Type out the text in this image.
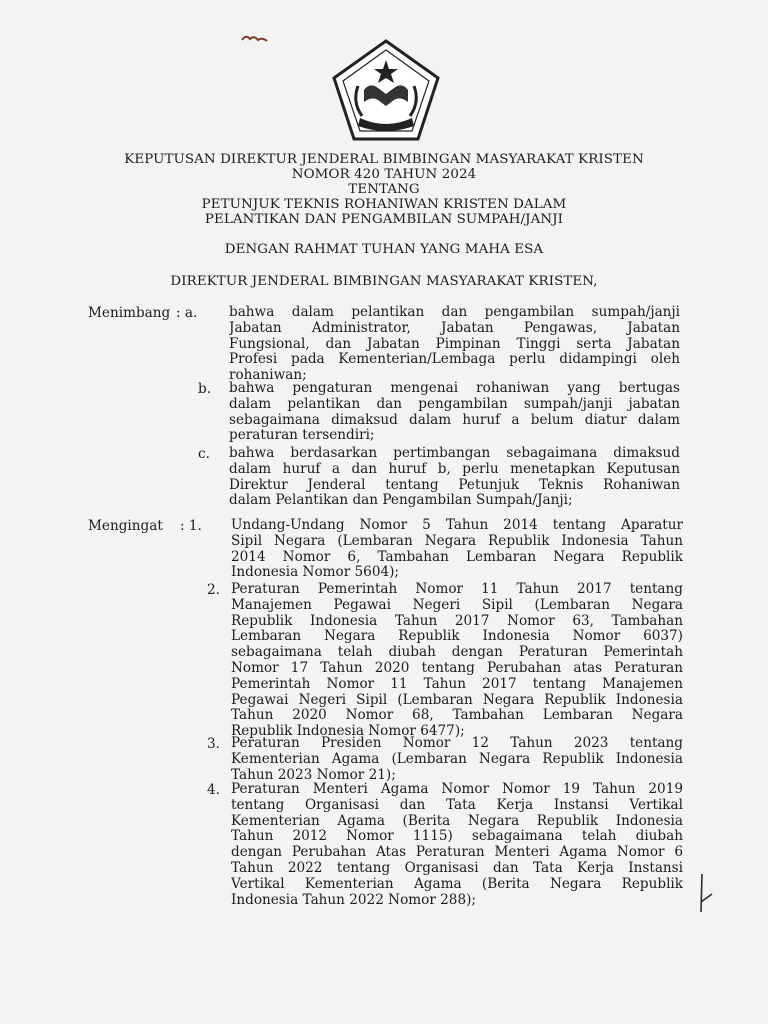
KEPUTUSAN DIREKTUR JENDERAL BIMBINGAN MASYARAKAT KRISTEN
NOMOR 420 TAHUN 2024
TENTANG
PETUNJUK TEKNIS ROHANIWAN KRISTEN DALAM
PELANTIKAN DAN PENGAMBILAN SUMPAH/JANJI
DENGAN RAHMAT TUHAN YANG MAHA ESA
DIREKTUR JENDERAL BIMBINGAN MASYARAKAT KRISTEN,
Menimbang : a. bahwa dalam pelantikan dan pengambilan sumpah/janji
Jabatan Administrator, Jabatan Pengawas, Jabatan
Fungsional, dan Jabatan Pimpinan Tinggi serta Jabatan
Profesi pada Kementerian/Lembaga perlu didampingi oleh
rohaniwan;
b. bahwa pengaturan mengenai rohaniwan yang bertugas
dalam pelantikan dan pengambilan sumpah/janji jabatan
sebagaimana dimaksud dalam huruf a belum diatur dalam
peraturan tersendiri;
c. bahwa berdasarkan pertimbangan sebagaimana dimaksud
dalam huruf a dan huruf b, perlu menetapkan Keputusan
Direktur Jenderal tentang Petunjuk Teknis Rohaniwan
dalam Pelantikan dan Pengambilan Sumpah/Janji;
Mengingat : 1. Undang-Undang Nomor 5 Tahun 2014 tentang Aparatur
Sipil Negara (Lembaran Negara Republik Indonesia Tahun
2014 Nomor 6, Tambahan Lembaran Negara Republik
Indonesia Nomor 5604);
2. Peraturan Pemerintah Nomor 11 Tahun 2017 tentang
Manajemen Pegawai Negeri Sipil (Lembaran Negara
Republik Indonesia Tahun 2017 Nomor 63, Tambahan
Lembaran Negara Republik Indonesia Nomor 6037)
sebagaimana telah diubah dengan Peraturan Pemerintah
Nomor 17 Tahun 2020 tentang Perubahan atas Peraturan
Pemerintah Nomor 11 Tahun 2017 tentang Manajemen
Pegawai Negeri Sipil (Lembaran Negara Republik Indonesia
Tahun 2020 Nomor 68, Tambahan Lembaran Negara
Republik Indonesia Nomor 6477);
3. Peraturan Presiden Nomor 12 Tahun 2023 tentang
Kementerian Agama (Lembaran Negara Republik Indonesia
Tahun 2023 Nomor 21);
4. Peraturan Menteri Agama Nomor Nomor 19 Tahun 2019
tentang Organisasi dan Tata Kerja Instansi Vertikal
Kementerian Agama (Berita Negara Republik Indonesia
Tahun 2012 Nomor 1115) sebagaimana telah diubah
dengan Perubahan Atas Peraturan Menteri Agama Nomor 6
Tahun 2022 tentang Organisasi dan Tata Kerja Instansi
Vertikal Kementerian Agama (Berita Negara Republik
Indonesia Tahun 2022 Nomor 288);
